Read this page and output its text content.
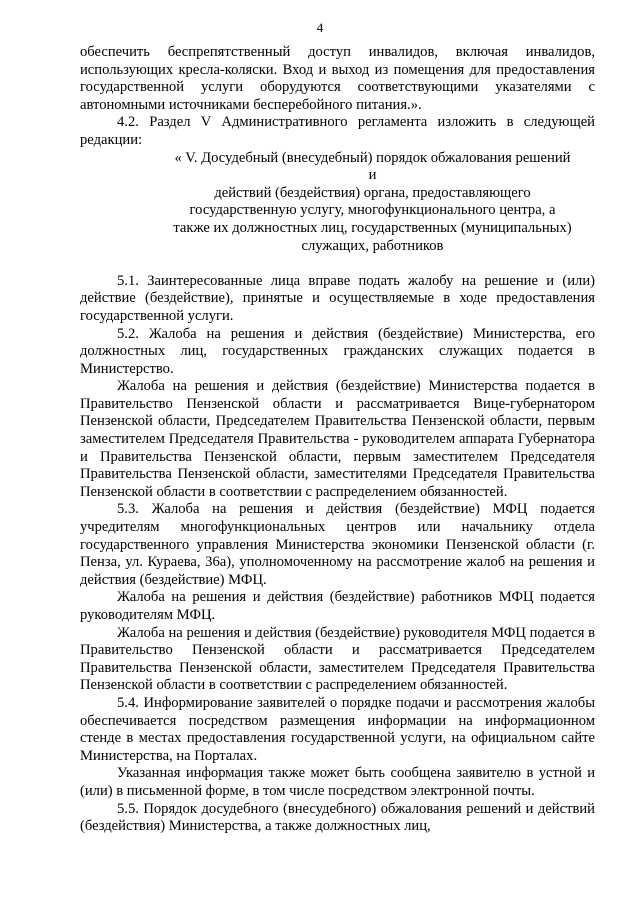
4

обеспечить беспрепятственный доступ инвалидов, включая инвалидов, использующих кресла-коляски. Вход и выход из помещения для предоставления государственной услуги оборудуются соответствующими указателями с автономными источниками бесперебойного питания.».

4.2. Раздел V Административного регламента изложить в следующей редакции:

« V. Досудебный (внесудебный) порядок обжалования решений
и
действий (бездействия) органа, предоставляющего
государственную услугу, многофункционального центра, а
также их должностных лиц, государственных (муниципальных)
служащих, работников

5.1. Заинтересованные лица вправе подать жалобу на решение и (или) действие (бездействие), принятые и осуществляемые в ходе предоставления государственной услуги.

5.2. Жалоба на решения и действия (бездействие) Министерства, его должностных лиц, государственных гражданских служащих подается в Министерство.

Жалоба на решения и действия (бездействие) Министерства подается в Правительство Пензенской области и рассматривается Вице-губернатором Пензенской области, Председателем Правительства Пензенской области, первым заместителем Председателя Правительства - руководителем аппарата Губернатора и Правительства Пензенской области, первым заместителем Председателя Правительства Пензенской области, заместителями Председателя Правительства Пензенской области в соответствии с распределением обязанностей.

5.3. Жалоба на решения и действия (бездействие) МФЦ подается учредителям многофункциональных центров или начальнику отдела государственного управления Министерства экономики Пензенской области (г. Пенза, ул. Кураева, 36а), уполномоченному на рассмотрение жалоб на решения и действия (бездействие) МФЦ.

Жалоба на решения и действия (бездействие) работников МФЦ подается руководителям МФЦ.

Жалоба на решения и действия (бездействие) руководителя МФЦ подается в Правительство Пензенской области и рассматривается Председателем Правительства Пензенской области, заместителем Председателя Правительства Пензенской области в соответствии с распределением обязанностей.

5.4. Информирование заявителей о порядке подачи и рассмотрения жалобы обеспечивается посредством размещения информации на информационном стенде в местах предоставления государственной услуги, на официальном сайте Министерства, на Порталах.

Указанная информация также может быть сообщена заявителю в устной и (или) в письменной форме, в том числе посредством электронной почты.

5.5. Порядок досудебного (внесудебного) обжалования решений и действий (бездействия) Министерства, а также должностных лиц,
